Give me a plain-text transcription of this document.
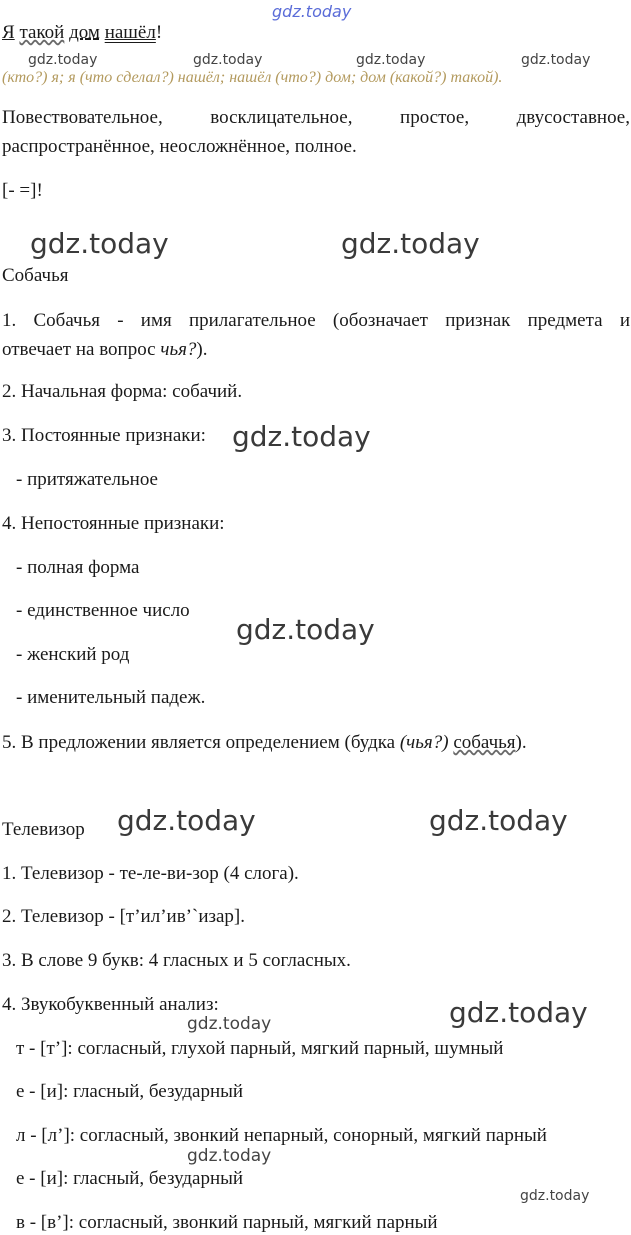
gdz.today
Я такой дом нашёл!
gdz.today	gdz.today	gdz.today	gdz.today
(кто?) я; я (что сделал?) нашёл; нашёл (что?) дом; дом (какой?) такой).
Повествовательное, восклицательное, простое, двусоставное,
распространённое, неосложнённое, полное.
[- =]!
gdz.today	gdz.today
Собачья
1. Собачья - имя прилагательное (обозначает признак предмета и
отвечает на вопрос чья?).
2. Начальная форма: собачий.
3. Постоянные признаки: gdz.today
- притяжательное
4. Непостоянные признаки:
- полная форма
- единственное число
gdz.today
- женский род
- именительный падеж.
5. В предложении является определением (будка (чья?) собачья).
Телевизор gdz.today	gdz.today
1. Телевизор - те-ле-ви-зор (4 слога).
2. Телевизор - [т’ил’ив’`изар].
3. В слове 9 букв: 4 гласных и 5 согласных.
4. Звукобуквенный анализ:	gdz.today
gdz.today
т - [т’]: согласный, глухой парный, мягкий парный, шумный
е - [и]: гласный, безударный
л - [л’]: согласный, звонкий непарный, сонорный, мягкий парный
gdz.today
е - [и]: гласный, безударный
gdz.today
в - [в’]: согласный, звонкий парный, мягкий парный
